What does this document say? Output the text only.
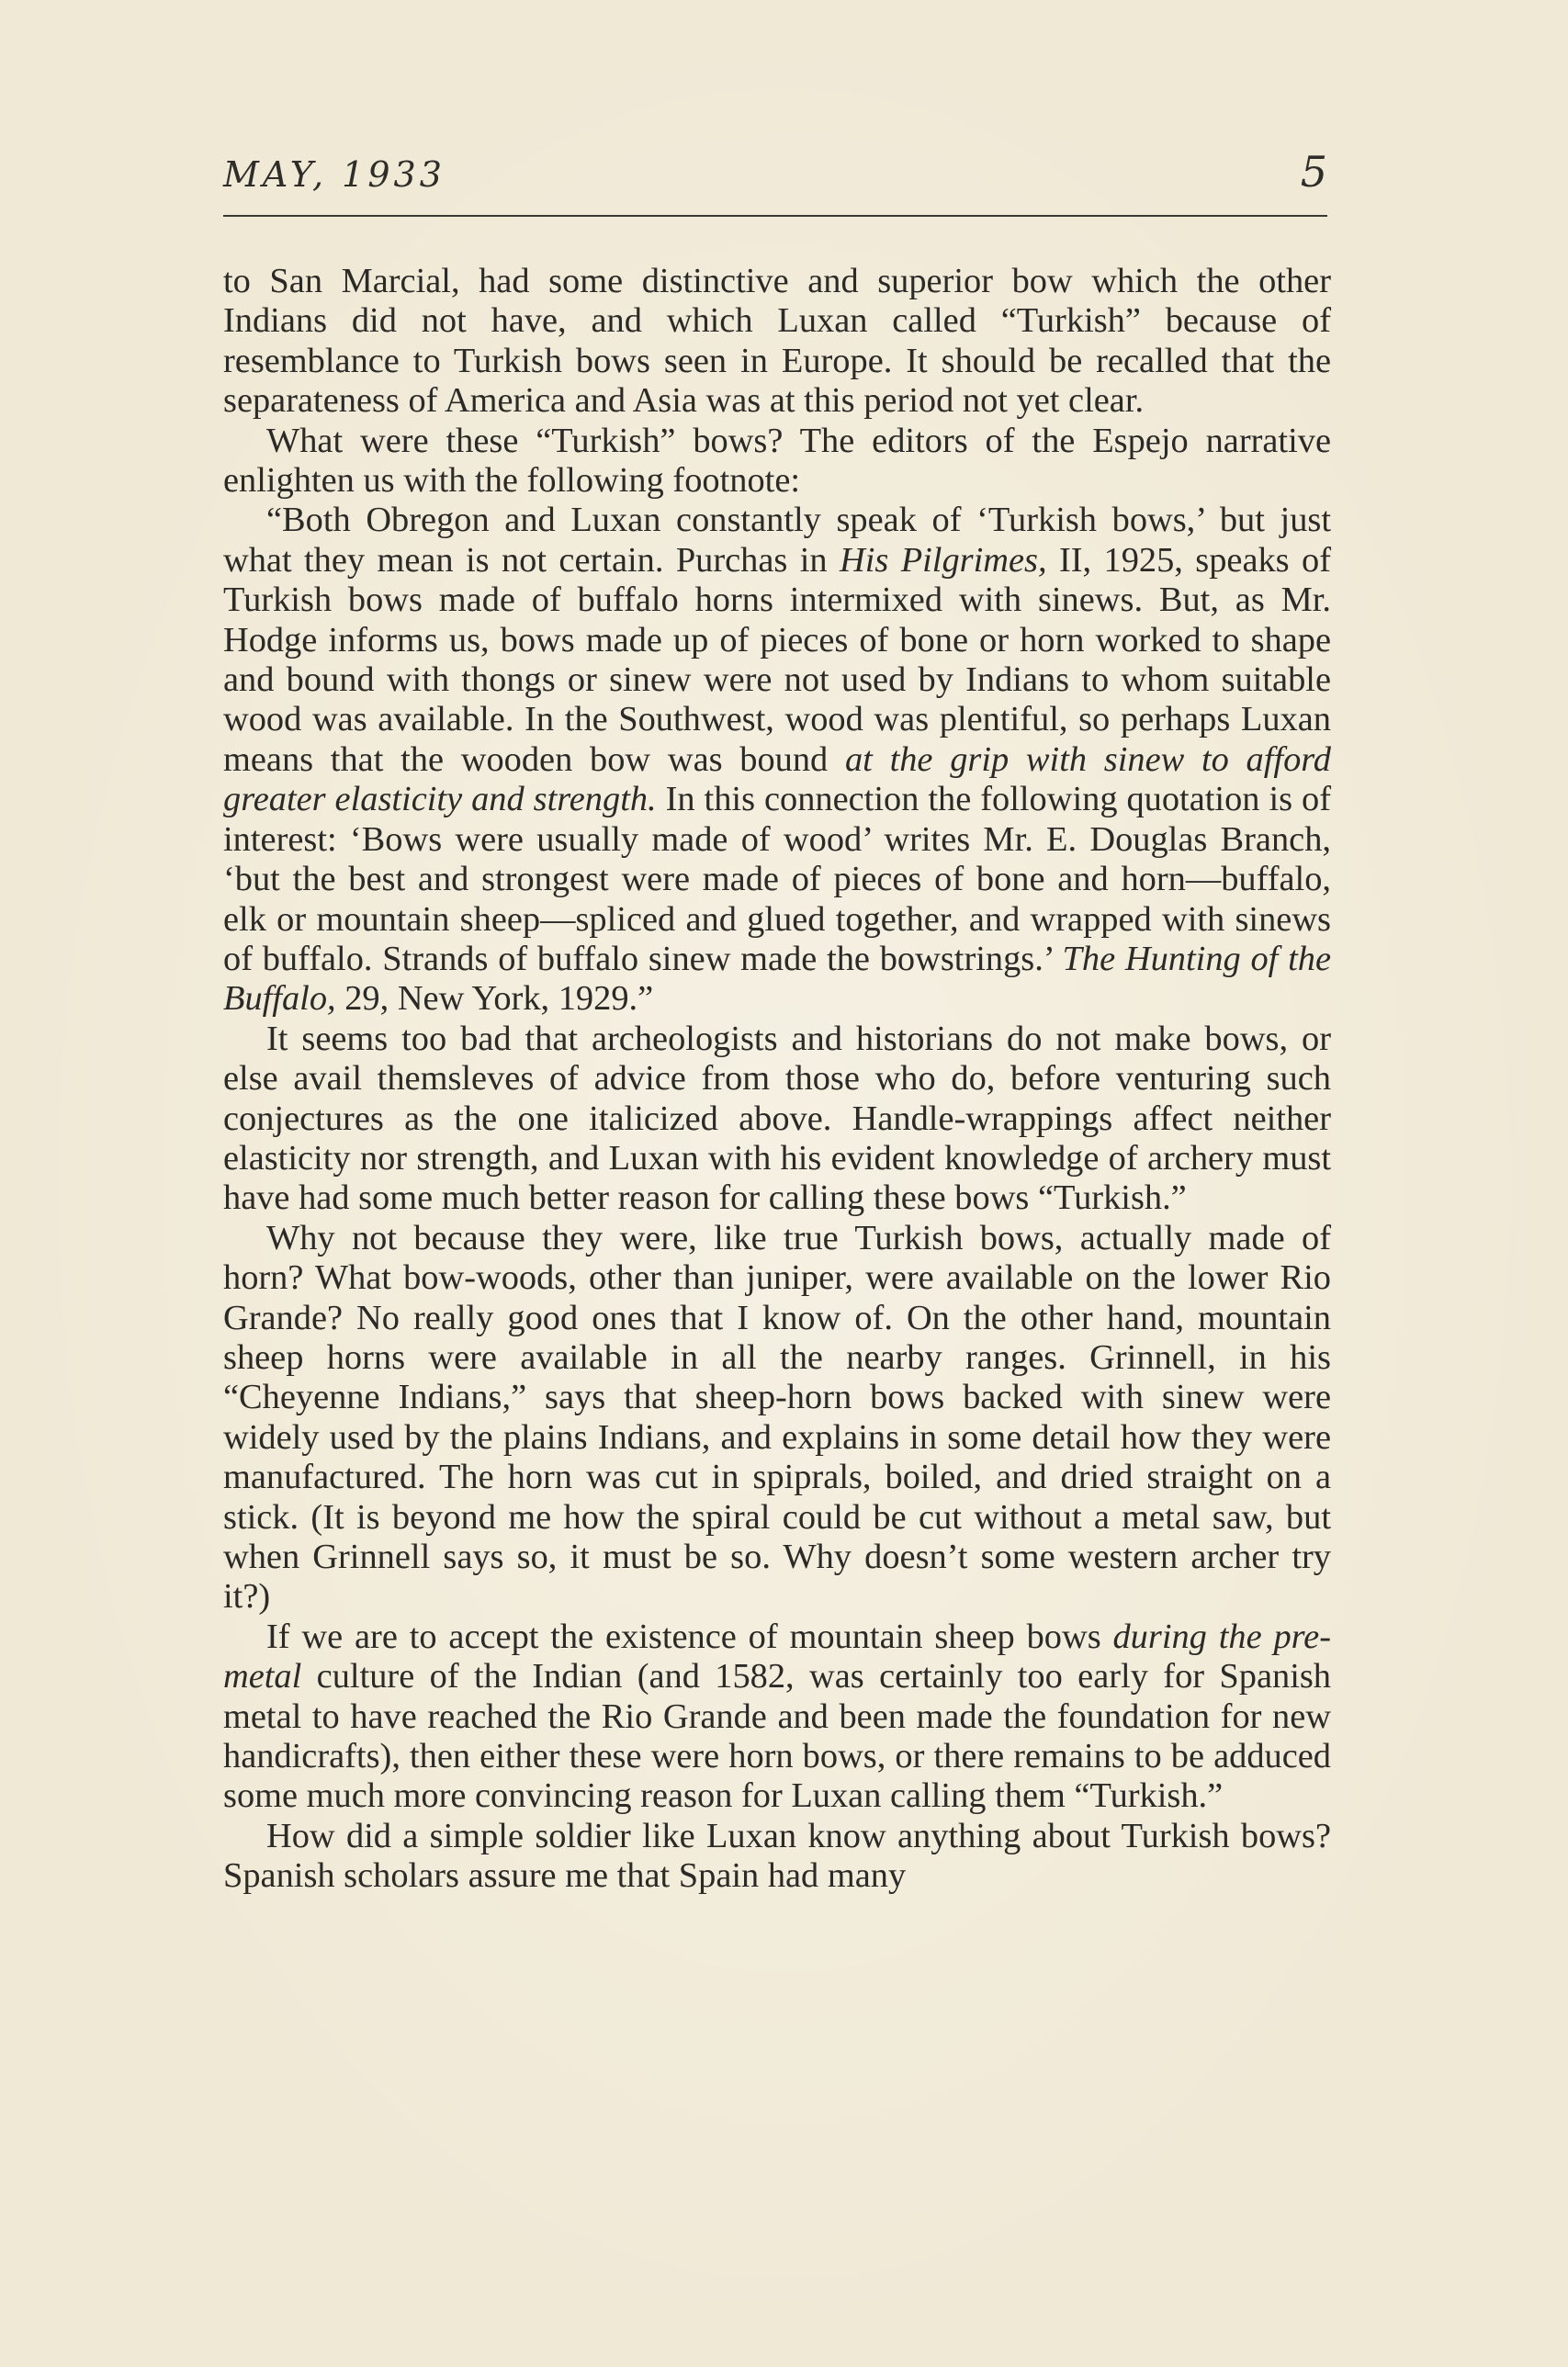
MAY, 1933	5

to San Marcial, had some distinctive and superior bow which the other Indians did not have, and which Luxan called “Turkish” because of resemblance to Turkish bows seen in Europe. It should be recalled that the separateness of America and Asia was at this period not yet clear.

What were these “Turkish” bows? The editors of the Espejo narrative enlighten us with the following footnote:

“Both Obregon and Luxan constantly speak of ‘Turkish bows,’ but just what they mean is not certain. Purchas in His Pilgrimes, II, 1925, speaks of Turkish bows made of buffalo horns intermixed with sinews. But, as Mr. Hodge informs us, bows made up of pieces of bone or horn worked to shape and bound with thongs or sinew were not used by Indians to whom suitable wood was available. In the Southwest, wood was plentiful, so perhaps Luxan means that the wooden bow was bound at the grip with sinew to afford greater elasticity and strength. In this connection the following quotation is of interest: ‘Bows were usually made of wood’ writes Mr. E. Douglas Branch, ‘but the best and strongest were made of pieces of bone and horn—buffalo, elk or mountain sheep—spliced and glued together, and wrapped with sinews of buffalo. Strands of buffalo sinew made the bowstrings.’ The Hunting of the Buffalo, 29, New York, 1929.”

It seems too bad that archeologists and historians do not make bows, or else avail themsleves of advice from those who do, before venturing such conjectures as the one italicized above. Handle-wrappings affect neither elasticity nor strength, and Luxan with his evident knowledge of archery must have had some much better reason for calling these bows “Turkish.”

Why not because they were, like true Turkish bows, actually made of horn? What bow-woods, other than juniper, were available on the lower Rio Grande? No really good ones that I know of. On the other hand, mountain sheep horns were available in all the nearby ranges. Grinnell, in his “Cheyenne Indians,” says that sheep-horn bows backed with sinew were widely used by the plains Indians, and explains in some detail how they were manufactured. The horn was cut in spiprals, boiled, and dried straight on a stick. (It is beyond me how the spiral could be cut without a metal saw, but when Grinnell says so, it must be so. Why doesn’t some western archer try it?)

If we are to accept the existence of mountain sheep bows during the pre-metal culture of the Indian (and 1582, was certainly too early for Spanish metal to have reached the Rio Grande and been made the foundation for new handicrafts), then either these were horn bows, or there remains to be adduced some much more convincing reason for Luxan calling them “Turkish.”

How did a simple soldier like Luxan know anything about Turkish bows? Spanish scholars assure me that Spain had many
